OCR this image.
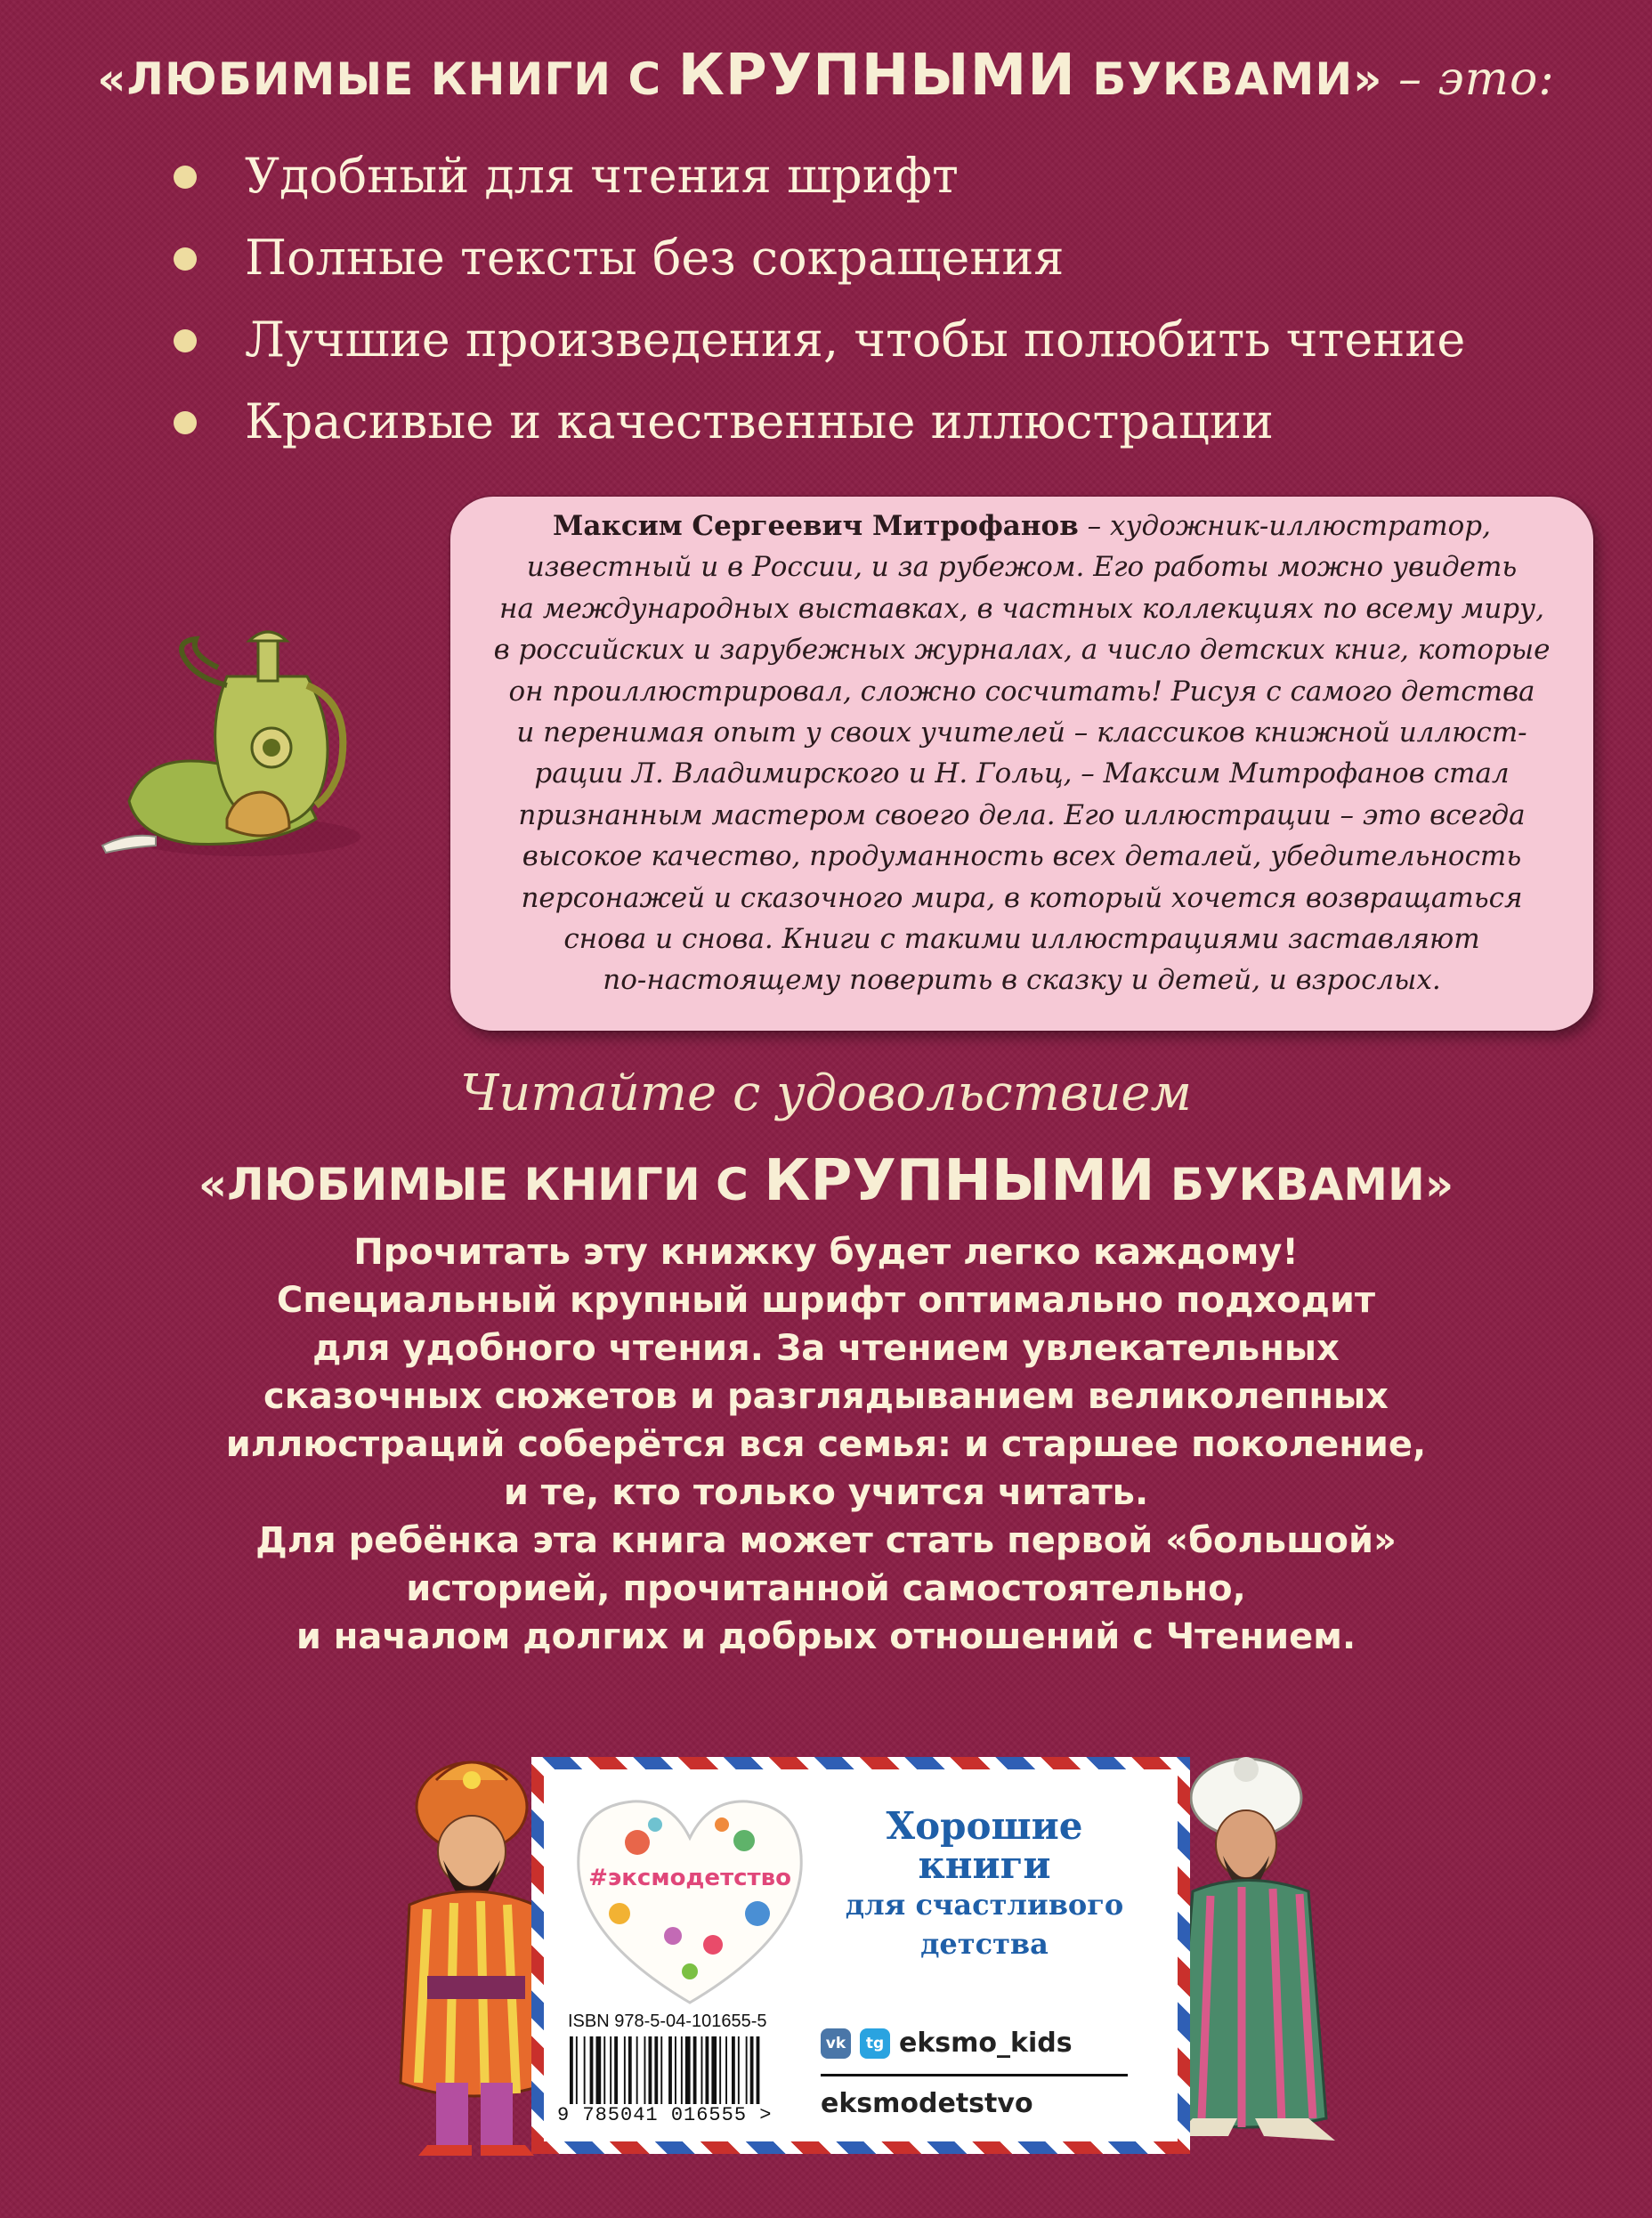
«ЛЮБИМЫЕ КНИГИ С КРУПНЫМИ БУКВАМИ» – это:
Удобный для чтения шрифт
Полные тексты без сокращения
Лучшие произведения, чтобы полюбить чтение
Красивые и качественные иллюстрации
Максим Сергеевич Митрофанов – художник-иллюстратор,
известный и в России, и за рубежом. Его работы можно увидеть
на международных выставках, в частных коллекциях по всему миру,
в российских и зарубежных журналах, а число детских книг, которые
он проиллюстрировал, сложно сосчитать! Рисуя с самого детства
и перенимая опыт у своих учителей – классиков книжной иллюст-
рации Л. Владимирского и Н. Гольц, – Максим Митрофанов стал
признанным мастером своего дела. Его иллюстрации – это всегда
высокое качество, продуманность всех деталей, убедительность
персонажей и сказочного мира, в который хочется возвращаться
снова и снова. Книги с такими иллюстрациями заставляют
по-настоящему поверить в сказку и детей, и взрослых.
Читайте с удовольствием
«ЛЮБИМЫЕ КНИГИ С КРУПНЫМИ БУКВАМИ»
Прочитать эту книжку будет легко каждому!
Специальный крупный шрифт оптимально подходит
для удобного чтения. За чтением увлекательных
сказочных сюжетов и разглядыванием великолепных
иллюстраций соберётся вся семья: и старшее поколение,
и те, кто только учится читать.
Для ребёнка эта книга может стать первой «большой»
историей, прочитанной самостоятельно,
и началом долгих и добрых отношений с Чтением.
#эксмодетство
Хорошие
книги
для счастливого
детства
ISBN 978-5-04-101655-5
9 785041 016555 >
vk	tg eksmo_kids
eksmodetstvo
